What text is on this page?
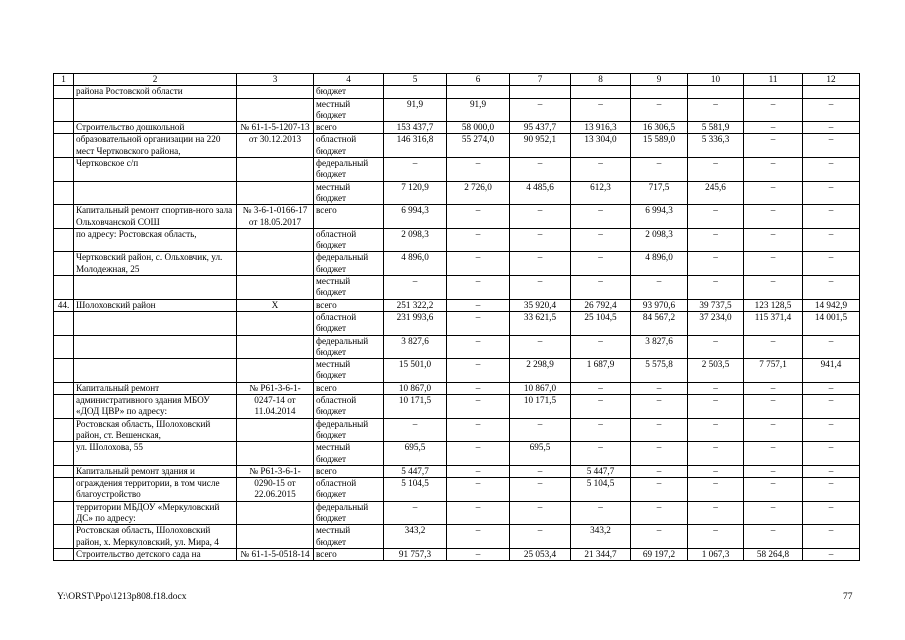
1	2	3	4	5	6	7	8	9	10	11	12
	района Ростовской области		бюджет								
			местный бюджет	91,9	91,9	–	–	–	–	–	–
	Строительство дошкольной	№ 61-1-5-1207-13	всего	153 437,7	58 000,0	95 437,7	13 916,3	16 306,5	5 581,9	–	–
	образовательной организации на 220 мест Чертковского района,	от 30.12.2013	областной бюджет	146 316,8	55 274,0	90 952,1	13 304,0	15 589,0	5 336,3	–	–
	Чертковское с/п		федеральный бюджет	–	–	–	–	–	–	–	–
			местный бюджет	7 120,9	2 726,0	4 485,6	612,3	717,5	245,6	–	–
	Капитальный ремонт спортив-ного зала Ольховчанской СОШ	№ 3-6-1-0166-17 от 18.05.2017	всего	6 994,3	–	–	–	6 994,3	–	–	–
	по адресу: Ростовская область,		областной бюджет	2 098,3	–	–	–	2 098,3	–	–	–
	Чертковский район, с. Ольховчик, ул. Молодежная, 25		федеральный бюджет	4 896,0	–	–	–	4 896,0	–	–	–
			местный бюджет	–	–	–	–	–	–	–	–
44.	Шолоховский район	Х	всего	251 322,2	–	35 920,4	26 792,4	93 970,6	39 737,5	123 128,5	14 942,9
			областной бюджет	231 993,6	–	33 621,5	25 104,5	84 567,2	37 234,0	115 371,4	14 001,5
			федеральный бюджет	3 827,6	–	–	–	3 827,6	–	–	–
			местный бюджет	15 501,0	–	2 298,9	1 687,9	5 575,8	2 503,5	7 757,1	941,4
	Капитальный ремонт	№ Р61-3-6-1-	всего	10 867,0	–	10 867,0	–	–	–	–	–
	административного здания МБОУ «ДОД ЦВР» по адресу:	0247-14 от 11.04.2014	областной бюджет	10 171,5	–	10 171,5	–	–	–	–	–
	Ростовская область, Шолоховский район, ст. Вешенская,		федеральный бюджет	–	–	–	–	–	–	–	–
	ул. Шолохова, 55		местный бюджет	695,5	–	695,5	–	–	–	–	–
	Капитальный ремонт здания и	№ Р61-3-6-1-	всего	5 447,7	–	–	5 447,7	–	–	–	–
	ограждения территории, в том числе благоустройство	0290-15 от 22.06.2015	областной бюджет	5 104,5	–	–	5 104,5	–	–	–	–
	территории МБДОУ «Меркуловский ДС» по адресу:		федеральный бюджет	–	–	–	–	–	–	–	–
	Ростовская область, Шолоховский район, х. Меркуловский, ул. Мира, 4		местный бюджет	343,2	–	–	343,2	–	–	–	–
	Строительство детского сада на	№ 61-1-5-0518-14	всего	91 757,3	–	25 053,4	21 344,7	69 197,2	1 067,3	58 264,8	–
Y:\ORST\Ppo\1213p808.f18.docx	77
